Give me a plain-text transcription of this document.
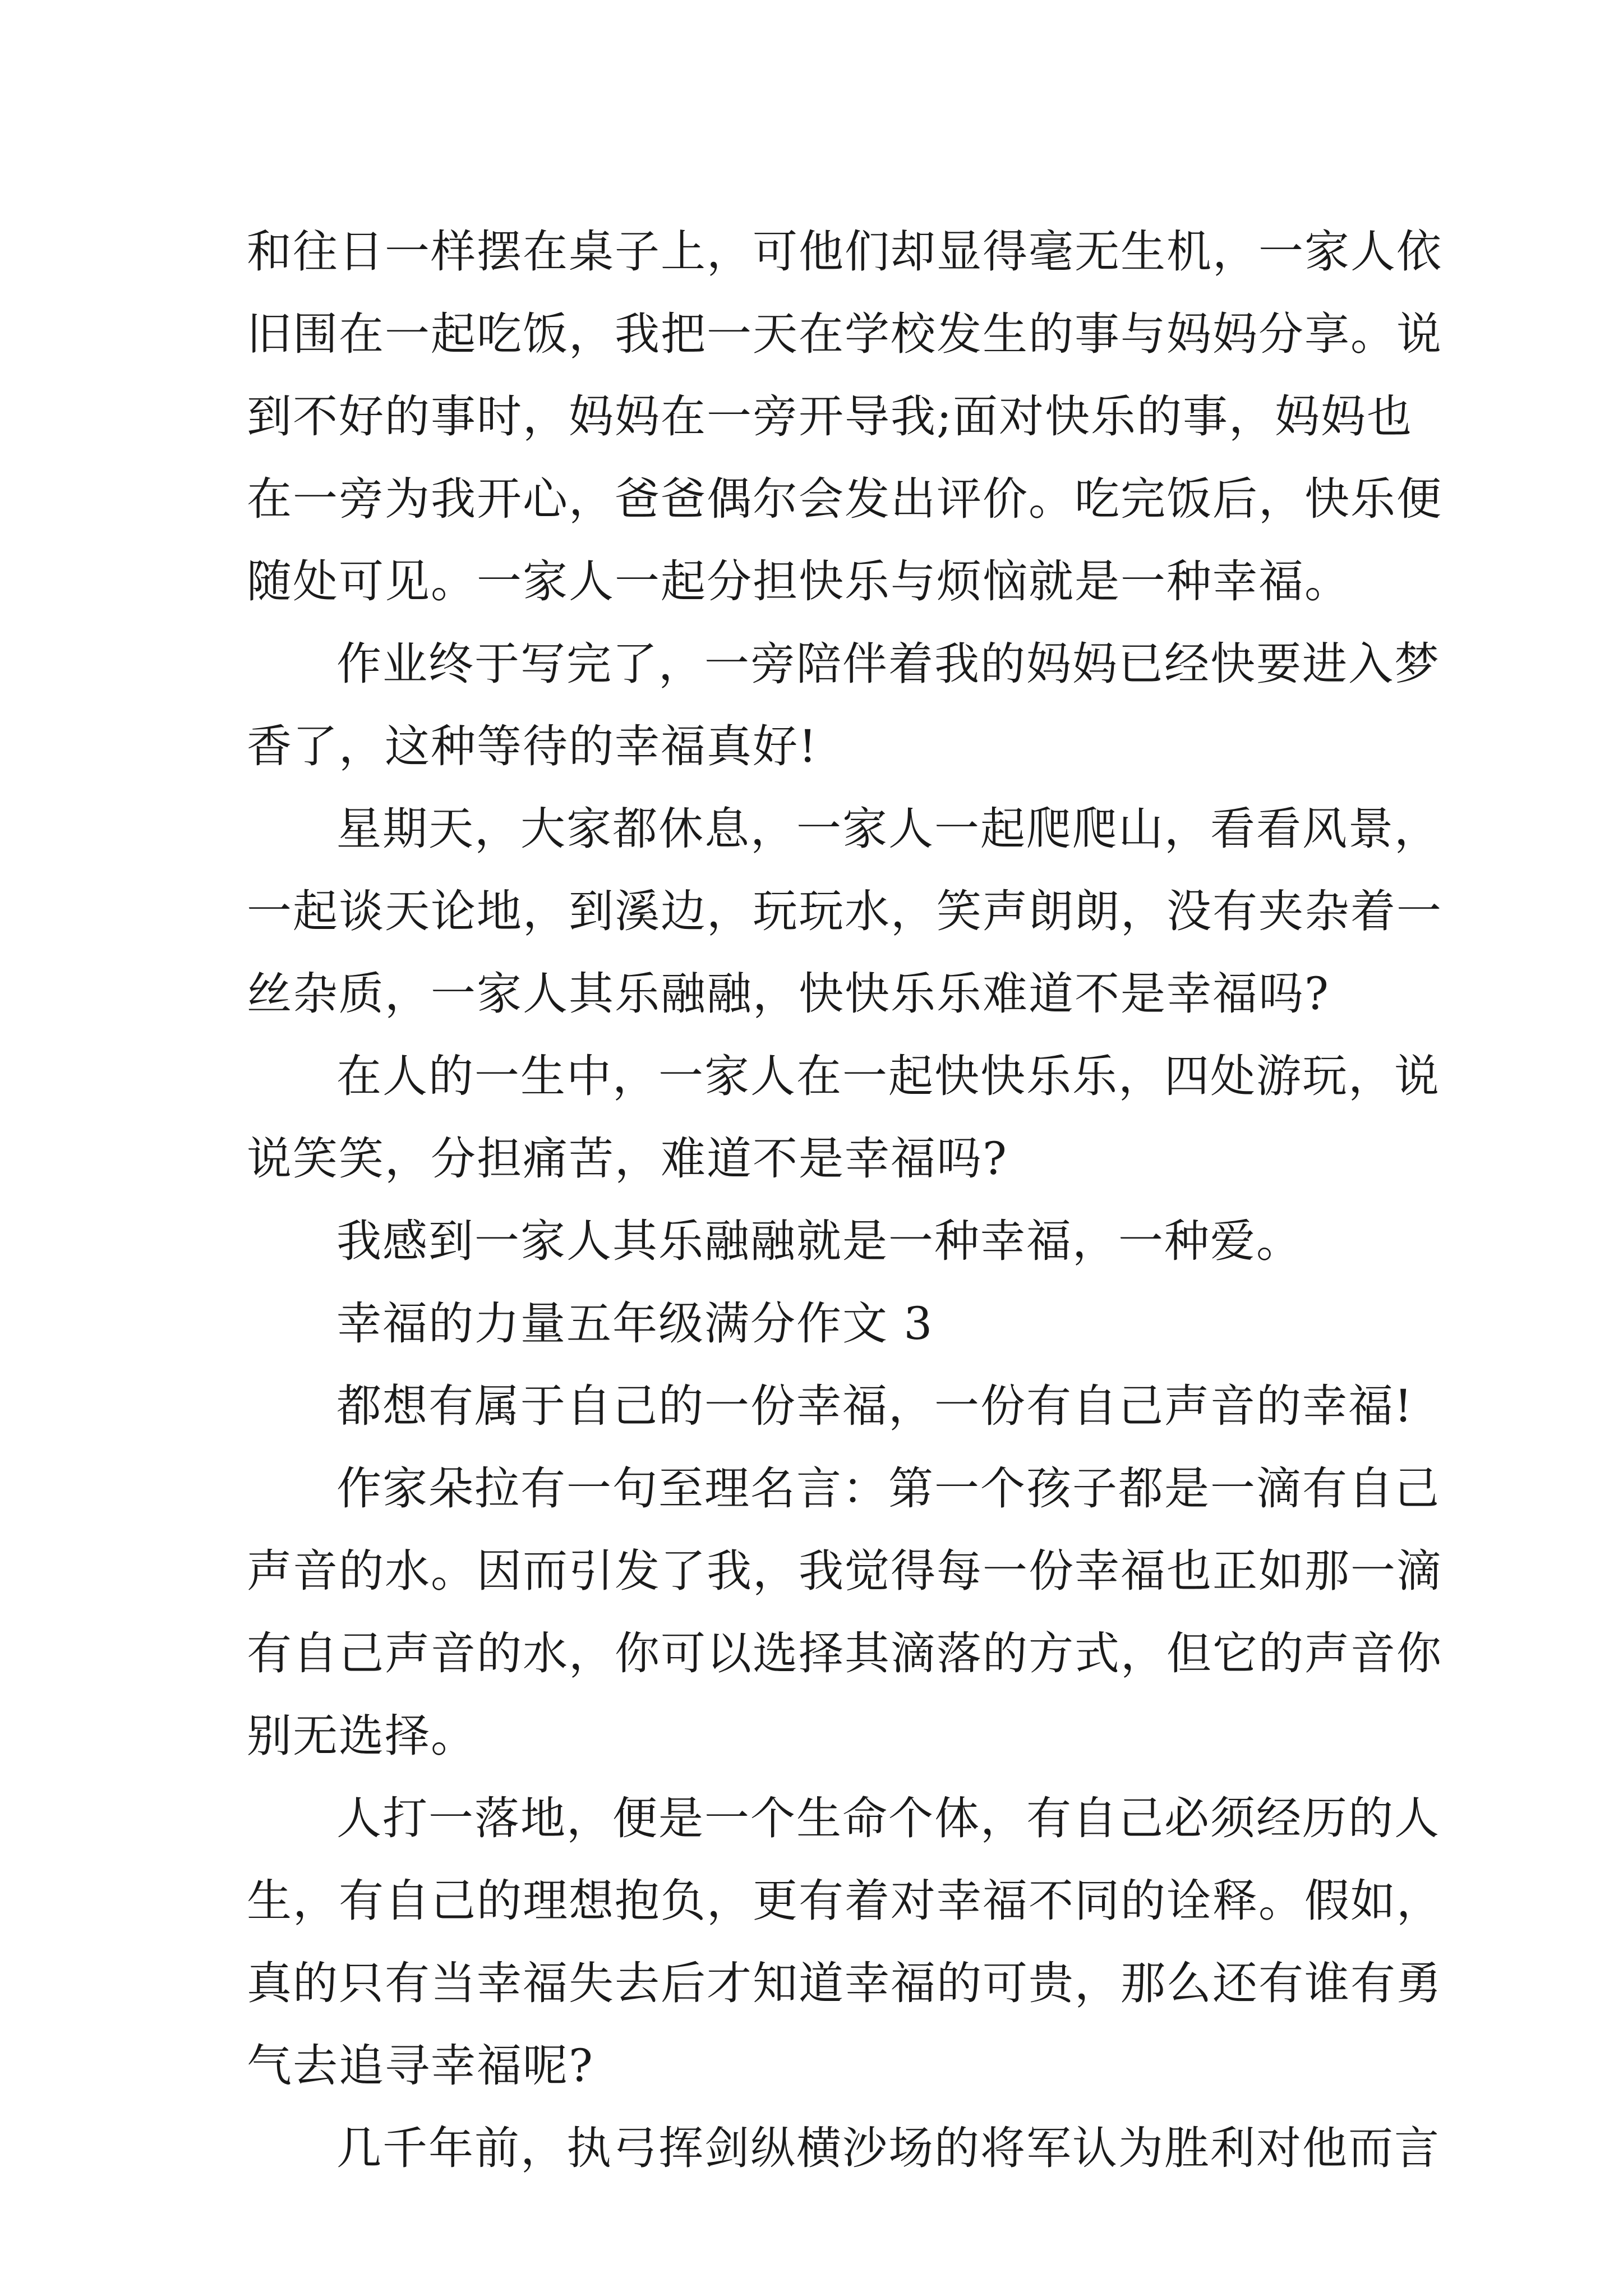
和往日一样摆在桌子上，可他们却显得毫无生机，一家人依
旧围在一起吃饭，我把一天在学校发生的事与妈妈分享。说
到不好的事时，妈妈在一旁开导我;面对快乐的事，妈妈也
在一旁为我开心，爸爸偶尔会发出评价。吃完饭后，快乐便
随处可见。一家人一起分担快乐与烦恼就是一种幸福。
作业终于写完了，一旁陪伴着我的妈妈已经快要进入梦
香了，这种等待的幸福真好!
星期天，大家都休息，一家人一起爬爬山，看看风景，
一起谈天论地，到溪边，玩玩水，笑声朗朗，没有夹杂着一
丝杂质，一家人其乐融融，快快乐乐难道不是幸福吗?
在人的一生中，一家人在一起快快乐乐，四处游玩，说
说笑笑，分担痛苦，难道不是幸福吗?
我感到一家人其乐融融就是一种幸福，一种爱。
幸福的力量五年级满分作文 3
都想有属于自己的一份幸福，一份有自己声音的幸福!
作家朵拉有一句至理名言：第一个孩子都是一滴有自己
声音的水。因而引发了我，我觉得每一份幸福也正如那一滴
有自己声音的水，你可以选择其滴落的方式，但它的声音你
别无选择。
人打一落地，便是一个生命个体，有自己必须经历的人
生，有自己的理想抱负，更有着对幸福不同的诠释。假如，
真的只有当幸福失去后才知道幸福的可贵，那么还有谁有勇
气去追寻幸福呢?
几千年前，执弓挥剑纵横沙场的将军认为胜利对他而言
